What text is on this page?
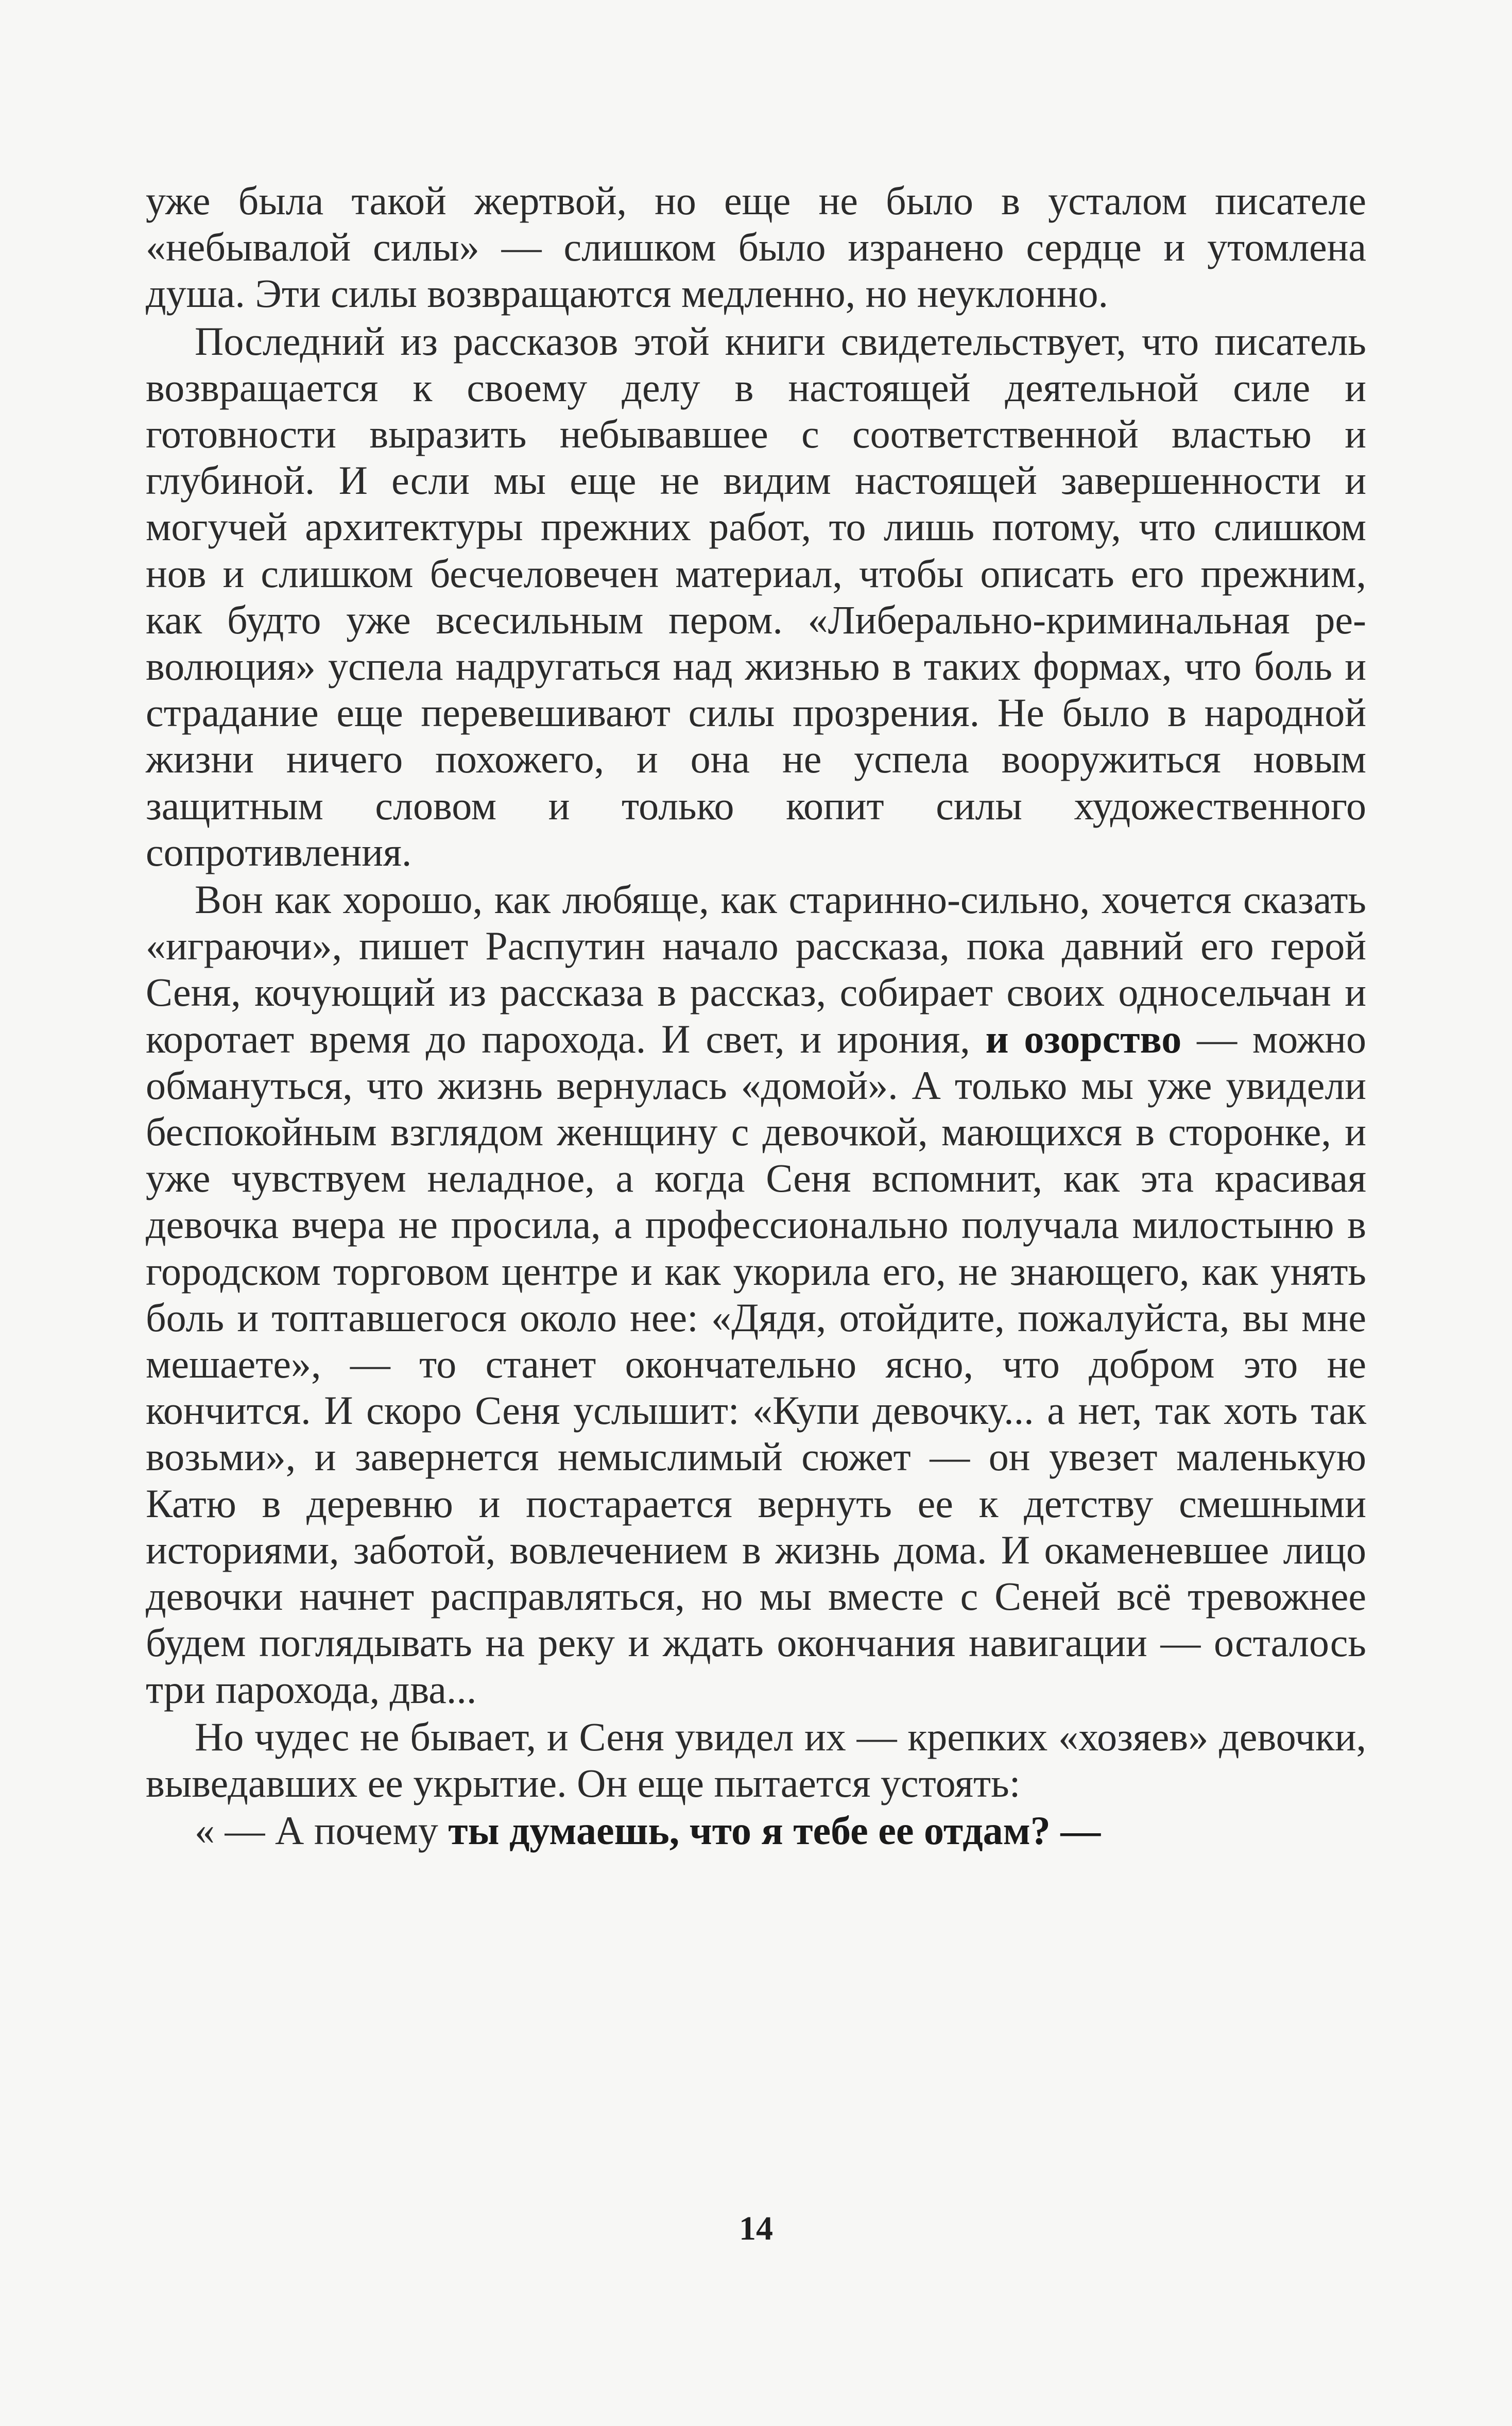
уже была такой жертвой, но еще не было в усталом писателе «небывалой силы» — слишком было изранено сердце и утомлена душа. Эти силы возвращаются медленно, но неуклонно.

Последний из рассказов этой книги свидетельствует, что писатель возвращается к своему делу в настоящей деятельной силе и готовности выразить небывавшее с соответственной властью и глубиной. И если мы еще не видим настоящей завершенности и могучей архитектуры прежних работ, то лишь потому, что слишком нов и слишком бесчеловечен материал, чтобы описать его прежним, как будто уже всесильным пером. «Либерально-криминальная революция» успела надругаться над жизнью в таких формах, что боль и страдание еще перевешивают силы прозрения. Не было в народной жизни ничего похожего, и она не успела вооружиться новым защитным словом и только копит силы художественного сопротивления.

Вон как хорошо, как любяще, как старинно-сильно, хочется сказать «играючи», пишет Распутин начало рассказа, пока давний его герой Сеня, кочующий из рассказа в рассказ, собирает своих односельчан и коротает время до парохода. И свет, и ирония, и озорство — можно обмануться, что жизнь вернулась «домой». А только мы уже увидели беспокойным взглядом женщину с девочкой, мающихся в сторонке, и уже чувствуем неладное, а когда Сеня вспомнит, как эта красивая девочка вчера не просила, а профессионально получала милостыню в городском торговом центре и как укорила его, не знающего, как унять боль и топтавшегося около нее: «Дядя, отойдите, пожалуйста, вы мне мешаете», — то станет окончательно ясно, что добром это не кончится. И скоро Сеня услышит: «Купи девочку... а нет, так хоть так возьми», и завернется немыслимый сюжет — он увезет маленькую Катю в деревню и постарается вернуть ее к детству смешными историями, заботой, вовлечением в жизнь дома. И окаменевшее лицо девочки начнет расправляться, но мы вместе с Сеней всё тревожнее будем поглядывать на реку и ждать окончания навигации — осталось три парохода, два...

Но чудес не бывает, и Сеня увидел их — крепких «хозяев» девочки, выведавших ее укрытие. Он еще пытается устоять:

« — А почему ты думаешь, что я тебе ее отдам? —

14
